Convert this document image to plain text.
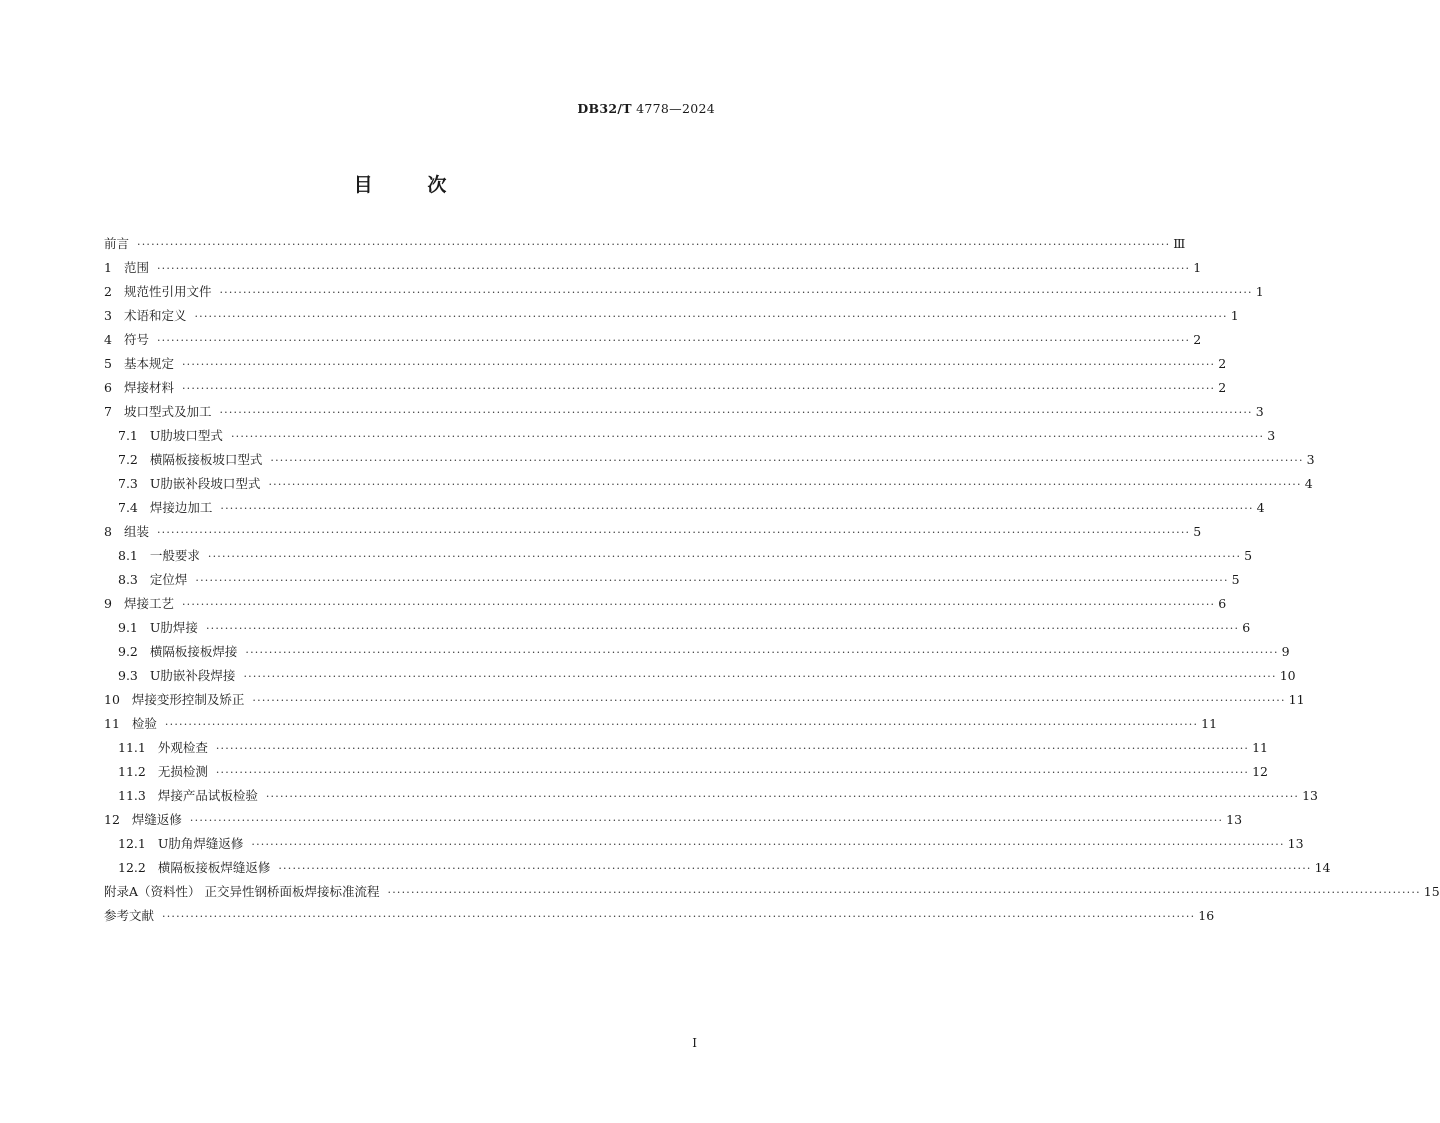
DB32/T 4778—2024
目	次
前言 ···························································································································································································································· Ⅲ
1 范围 ···························································································································································································································· 1
2 规范性引用文件 ···························································································································································································································· 1
3 术语和定义 ···························································································································································································································· 1
4 符号 ···························································································································································································································· 2
5 基本规定 ···························································································································································································································· 2
6 焊接材料 ···························································································································································································································· 2
7 坡口型式及加工 ···························································································································································································································· 3
7.1 U肋坡口型式 ···························································································································································································································· 3
7.2 横隔板接板坡口型式 ···························································································································································································································· 3
7.3 U肋嵌补段坡口型式 ···························································································································································································································· 4
7.4 焊接边加工 ···························································································································································································································· 4
8 组装 ···························································································································································································································· 5
8.1 一般要求 ···························································································································································································································· 5
8.3 定位焊 ···························································································································································································································· 5
9 焊接工艺 ···························································································································································································································· 6
9.1 U肋焊接 ···························································································································································································································· 6
9.2 横隔板接板焊接 ···························································································································································································································· 9
9.3 U肋嵌补段焊接 ···························································································································································································································· 10
10 焊接变形控制及矫正 ···························································································································································································································· 11
11 检验 ···························································································································································································································· 11
11.1 外观检查 ···························································································································································································································· 11
11.2 无损检测 ···························································································································································································································· 12
11.3 焊接产品试板检验 ···························································································································································································································· 13
12 焊缝返修 ···························································································································································································································· 13
12.1 U肋角焊缝返修 ···························································································································································································································· 13
12.2 横隔板接板焊缝返修 ···························································································································································································································· 14
附录A（资料性） 正交异性钢桥面板焊接标准流程 ···························································································································································································································· 15
参考文献 ···························································································································································································································· 16
I
